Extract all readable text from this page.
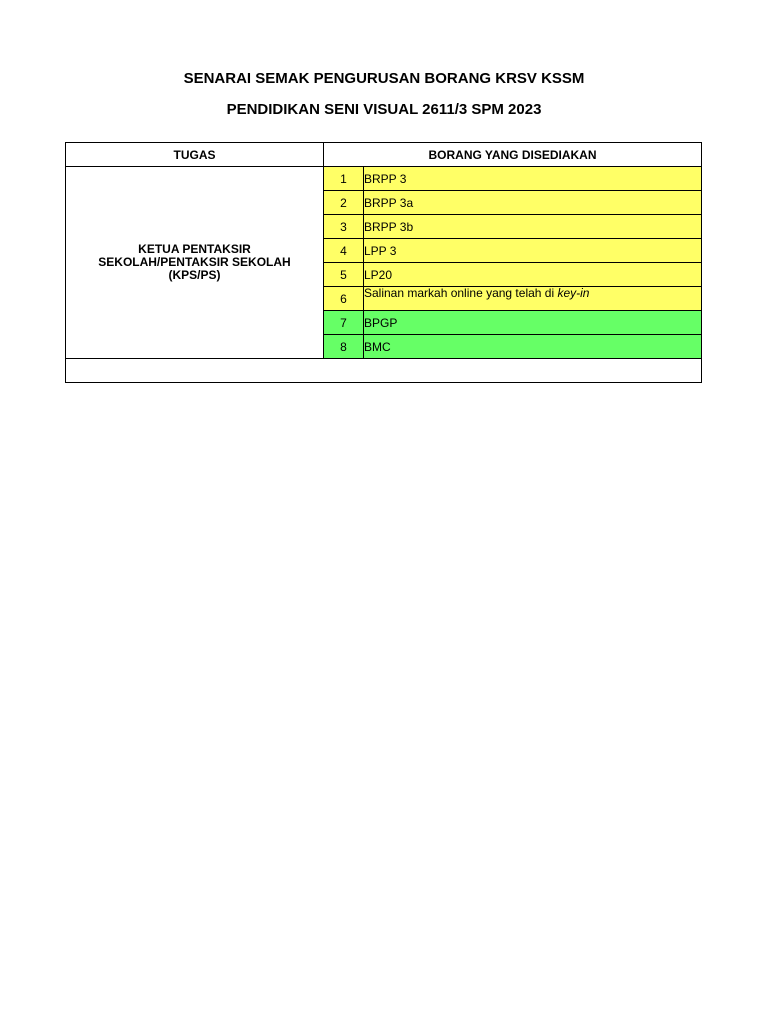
SENARAI SEMAK PENGURUSAN BORANG KRSV KSSM
PENDIDIKAN SENI VISUAL 2611/3 SPM 2023
TUGAS	BORANG YANG DISEDIAKAN	

KETUA PENTAKSIR
SEKOLAH/PENTAKSIR SEKOLAH
(KPS/PS)	1	BRPP 3
	2	BRPP 3a
	3	BRPP 3b
	4	LPP 3
	5	LP20
	6	Salinan markah online yang telah di key-in
	7	BPGP
	8	BMC
